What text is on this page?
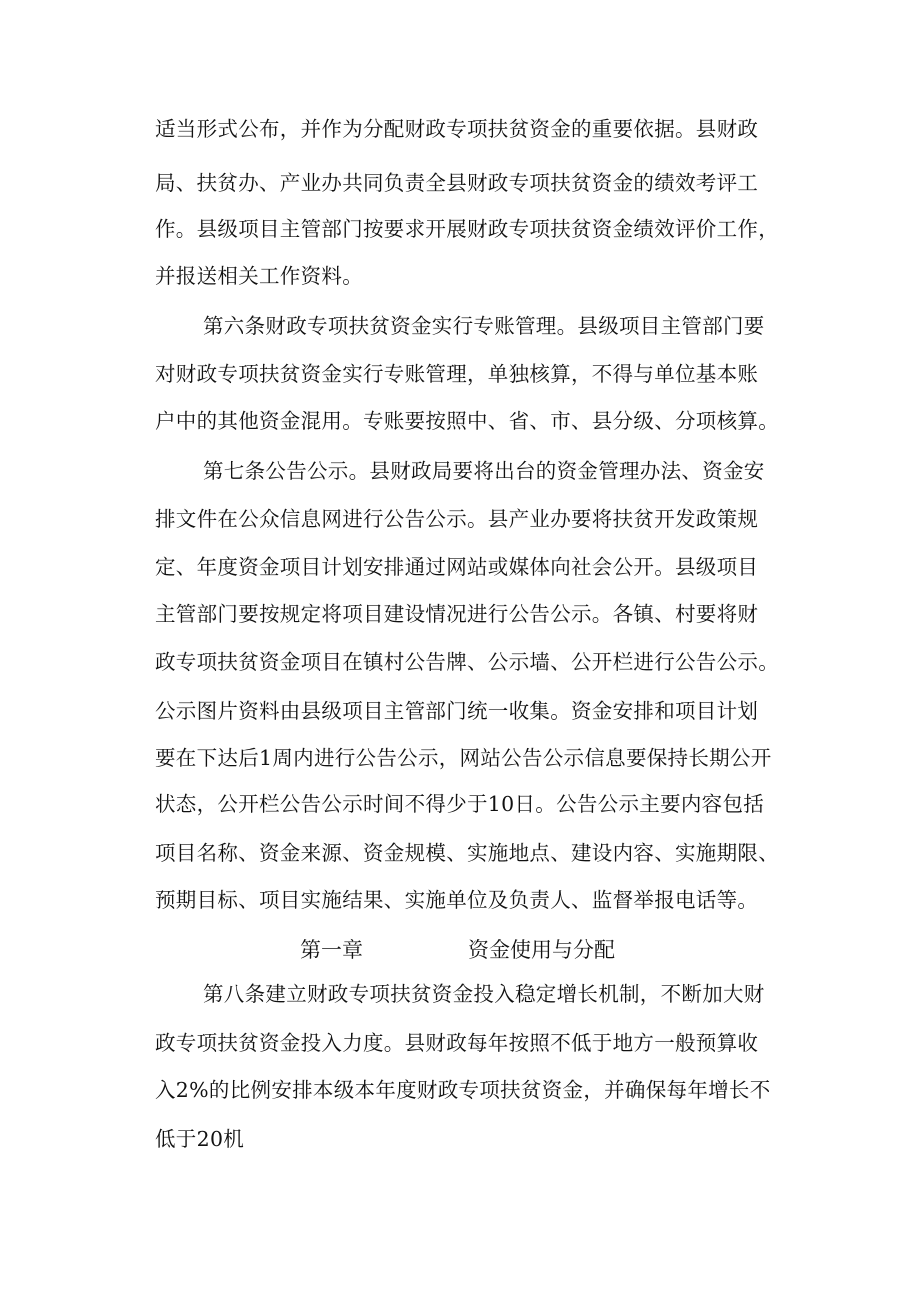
适当形式公布，并作为分配财政专项扶贫资金的重要依据。县财政
局、扶贫办、产业办共同负责全县财政专项扶贫资金的绩效考评工
作。县级项目主管部门按要求开展财政专项扶贫资金绩效评价工作，
并报送相关工作资料。
第六条财政专项扶贫资金实行专账管理。县级项目主管部门要
对财政专项扶贫资金实行专账管理，单独核算，不得与单位基本账
户中的其他资金混用。专账要按照中、省、市、县分级、分项核算。
第七条公告公示。县财政局要将出台的资金管理办法、资金安
排文件在公众信息网进行公告公示。县产业办要将扶贫开发政策规
定、年度资金项目计划安排通过网站或媒体向社会公开。县级项目
主管部门要按规定将项目建设情况进行公告公示。各镇、村要将财
政专项扶贫资金项目在镇村公告牌、公示墙、公开栏进行公告公示。
公示图片资料由县级项目主管部门统一收集。资金安排和项目计划
要在下达后1周内进行公告公示，网站公告公示信息要保持长期公开
状态，公开栏公告公示时间不得少于10日。公告公示主要内容包括
项目名称、资金来源、资金规模、实施地点、建设内容、实施期限、
预期目标、项目实施结果、实施单位及负责人、监督举报电话等。
第八条建立财政专项扶贫资金投入稳定增长机制，不断加大财
政专项扶贫资金投入力度。县财政每年按照不低于地方一般预算收
入2%的比例安排本级本年度财政专项扶贫资金，并确保每年增长不
低于20机
第一章	资金使用与分配
